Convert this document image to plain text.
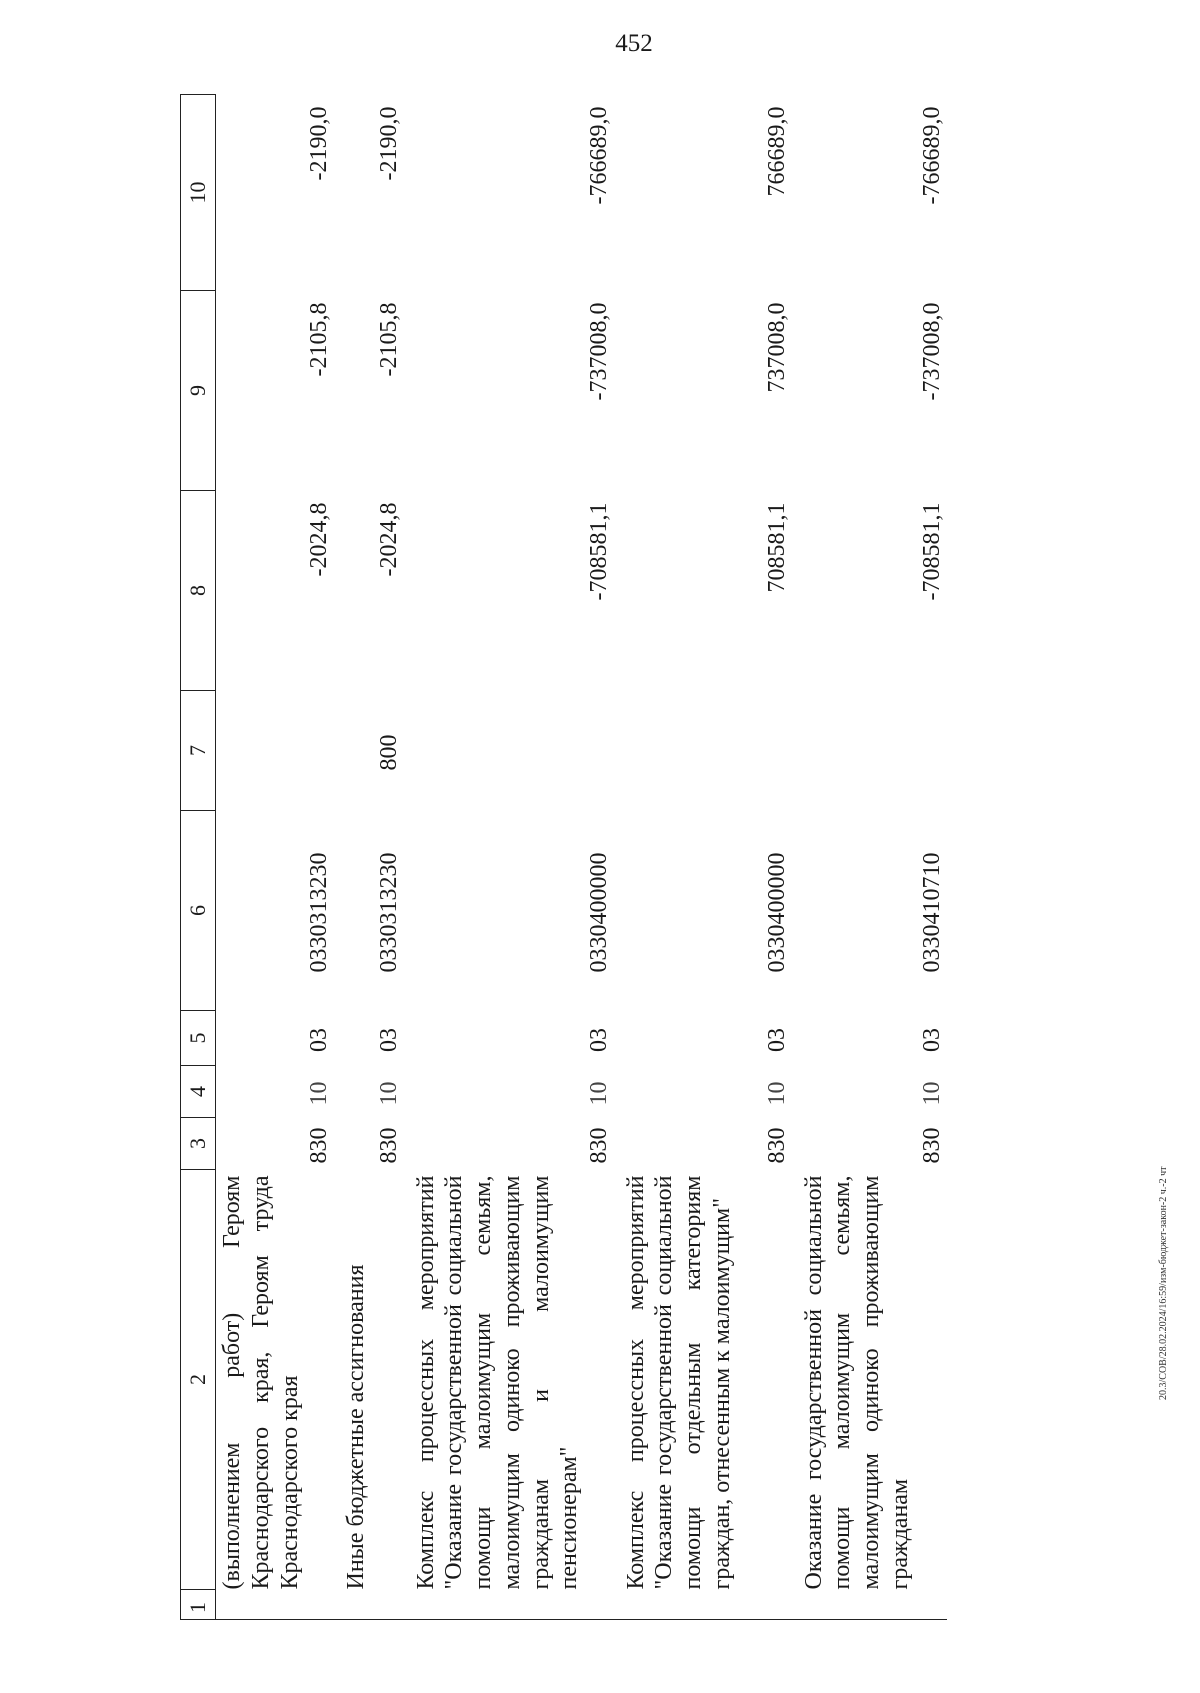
452
1	2	3	4	5	6	7	8	9	10
	(выполнением работ) Героям Краснодарского края, Героям труда Краснодарского края	830	10	03	0330313230		-2024,8	-2105,8	-2190,0
	Иные бюджетные ассигнования	830	10	03	0330313230	800	-2024,8	-2105,8	-2190,0
	Комплекс процессных мероприятий "Оказание государственной социальной помощи малоимущим семьям, малоимущим одиноко проживающим гражданам и малоимущим пенсионерам"	830	10	03	0330400000		-708581,1	-737008,0	-766689,0
	Комплекс процессных мероприятий "Оказание государственной социальной помощи отдельным категориям граждан, отнесенным к малоимущим"	830	10	03	0330400000		708581,1	737008,0	766689,0
	Оказание государственной социальной помощи малоимущим семьям, малоимущим одиноко проживающим гражданам	830	10	03	0330410710		-708581,1	-737008,0	-766689,0
20.3/СОВ/28.02.2024/16:59/изм-бюджет-закон-2 ч.-2 чт
